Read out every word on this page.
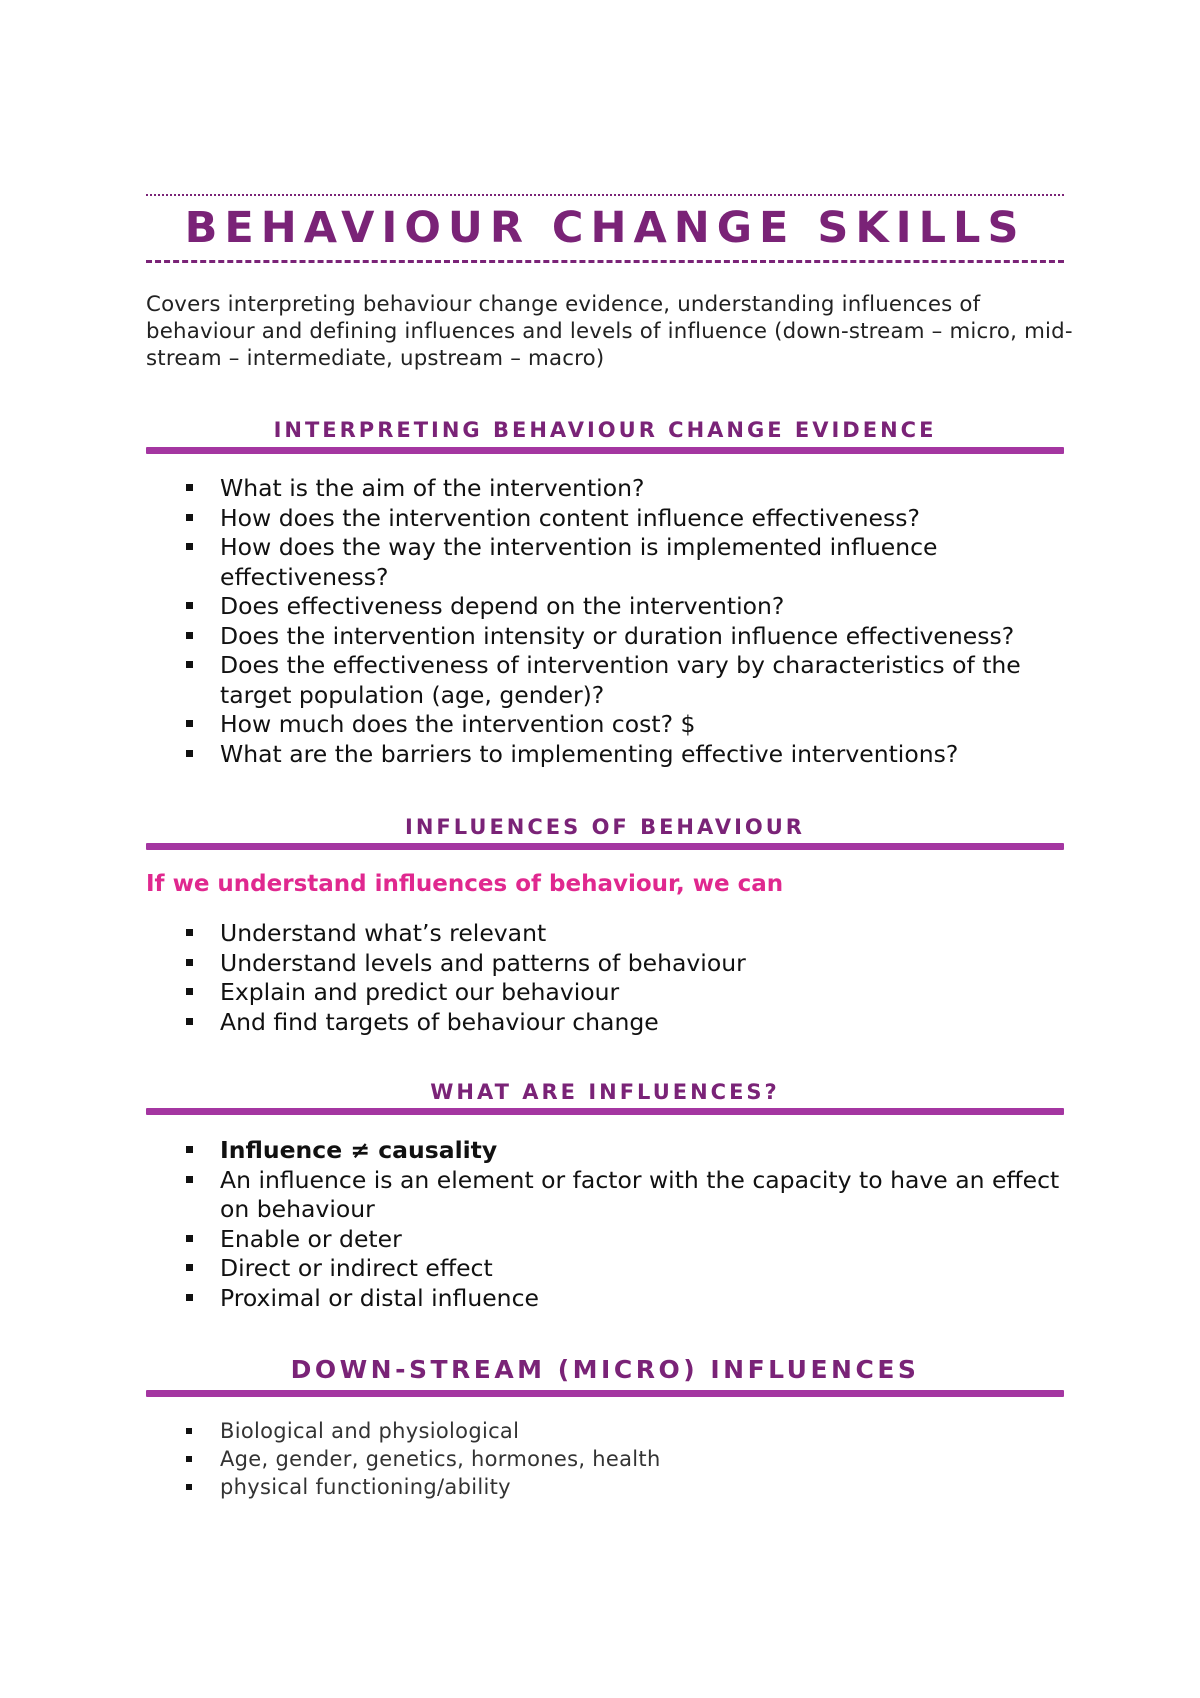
BEHAVIOUR CHANGE SKILLS

Covers interpreting behaviour change evidence, understanding influences of behaviour and defining influences and levels of influence (down-stream – micro, mid-stream – intermediate, upstream – macro)

INTERPRETING BEHAVIOUR CHANGE EVIDENCE
What is the aim of the intervention?
How does the intervention content influence effectiveness?
How does the way the intervention is implemented influence effectiveness?
Does effectiveness depend on the intervention?
Does the intervention intensity or duration influence effectiveness?
Does the effectiveness of intervention vary by characteristics of the target population (age, gender)?
How much does the intervention cost? $
What are the barriers to implementing effective interventions?
INFLUENCES OF BEHAVIOUR

If we understand influences of behaviour, we can

Understand what’s relevant
Understand levels and patterns of behaviour
Explain and predict our behaviour
And find targets of behaviour change
WHAT ARE INFLUENCES?
Influence ≠ causality
An influence is an element or factor with the capacity to have an effect on behaviour
Enable or deter
Direct or indirect effect
Proximal or distal influence
DOWN-STREAM (MICRO) INFLUENCES
Biological and physiological
Age, gender, genetics, hormones, health
physical functioning/ability
